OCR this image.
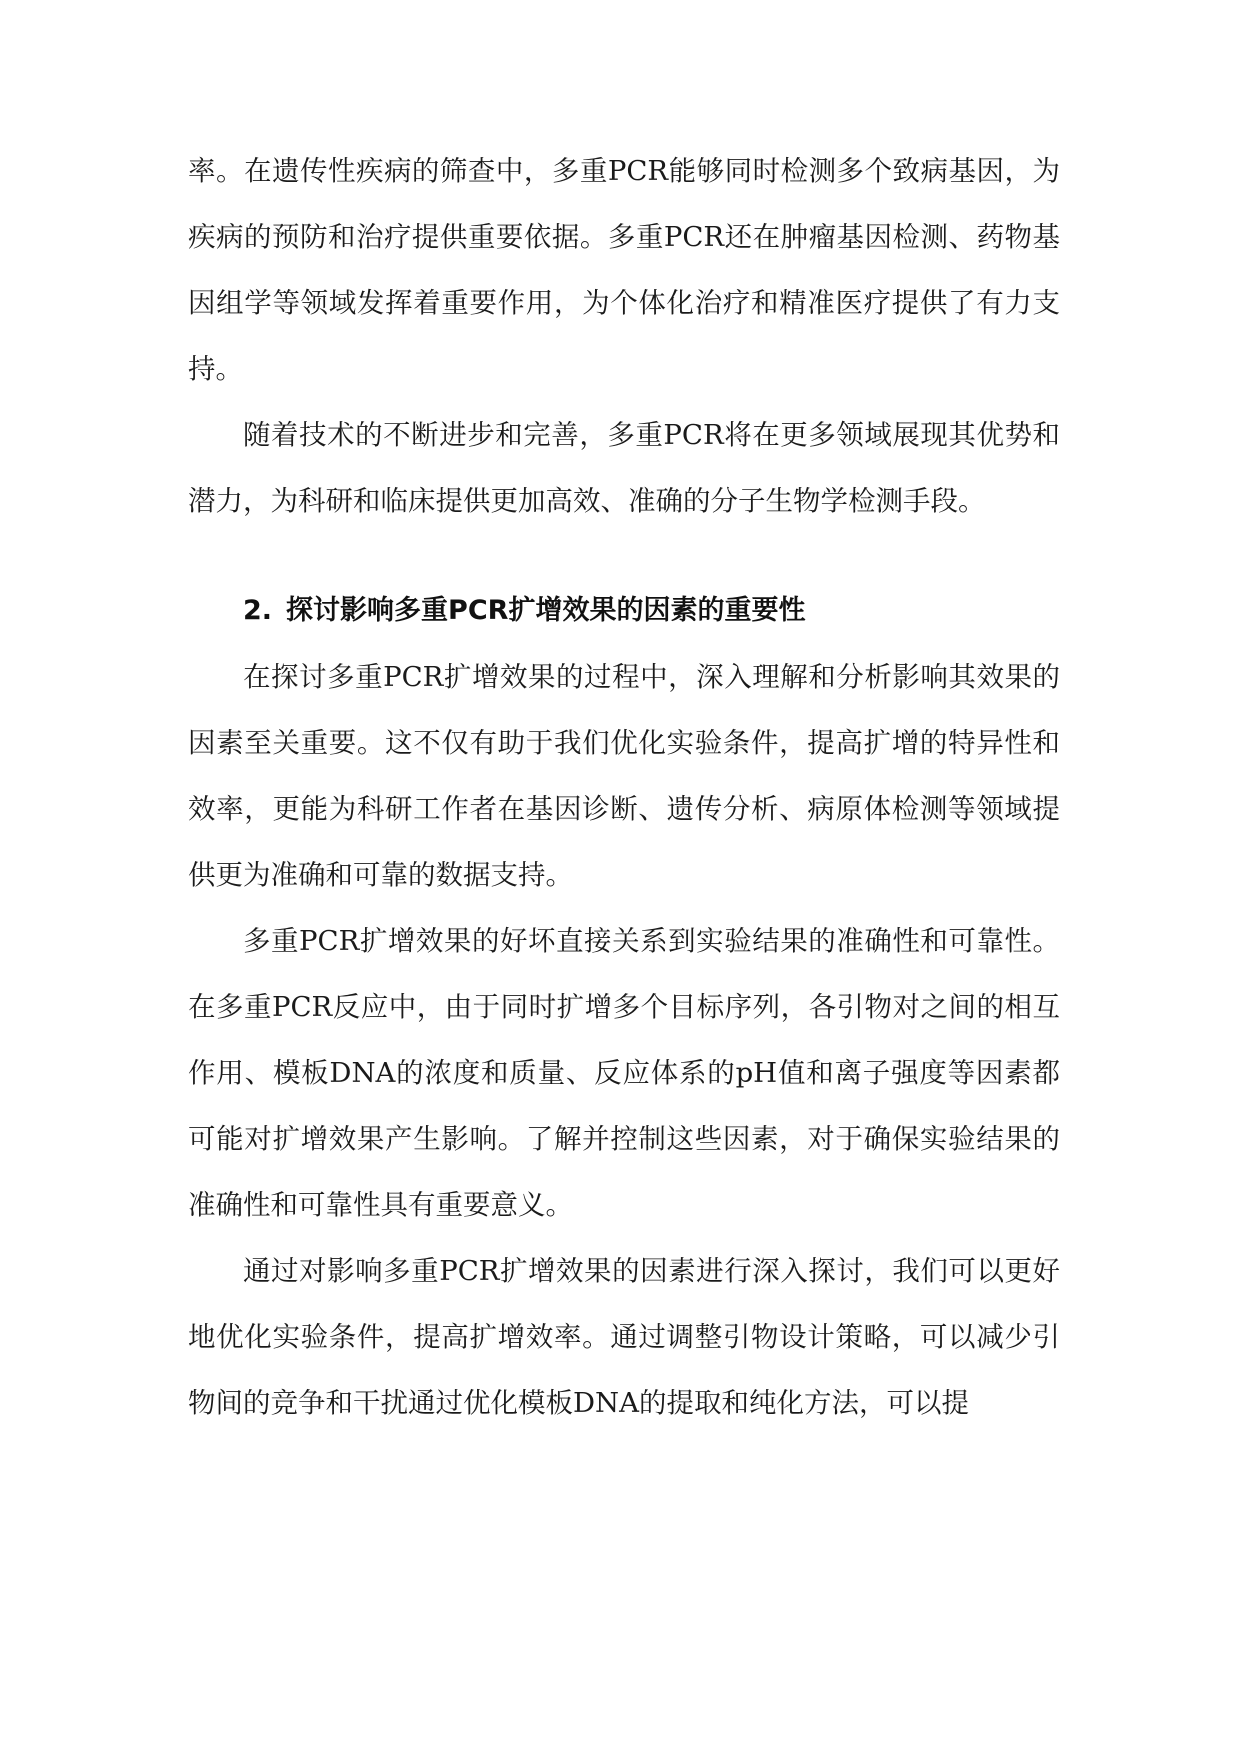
率。在遗传性疾病的筛查中，多重PCR能够同时检测多个致病基因，为疾病的预防和治疗提供重要依据。多重PCR还在肿瘤基因检测、药物基因组学等领域发挥着重要作用，为个体化治疗和精准医疗提供了有力支持。

随着技术的不断进步和完善，多重PCR将在更多领域展现其优势和潜力，为科研和临床提供更加高效、准确的分子生物学检测手段。

2. 探讨影响多重PCR扩增效果的因素的重要性

在探讨多重PCR扩增效果的过程中，深入理解和分析影响其效果的因素至关重要。这不仅有助于我们优化实验条件，提高扩增的特异性和效率，更能为科研工作者在基因诊断、遗传分析、病原体检测等领域提供更为准确和可靠的数据支持。

多重PCR扩增效果的好坏直接关系到实验结果的准确性和可靠性。在多重PCR反应中，由于同时扩增多个目标序列，各引物对之间的相互作用、模板DNA的浓度和质量、反应体系的pH值和离子强度等因素都可能对扩增效果产生影响。了解并控制这些因素，对于确保实验结果的准确性和可靠性具有重要意义。

通过对影响多重PCR扩增效果的因素进行深入探讨，我们可以更好地优化实验条件，提高扩增效率。通过调整引物设计策略，可以减少引物间的竞争和干扰通过优化模板DNA的提取和纯化方法，可以提
